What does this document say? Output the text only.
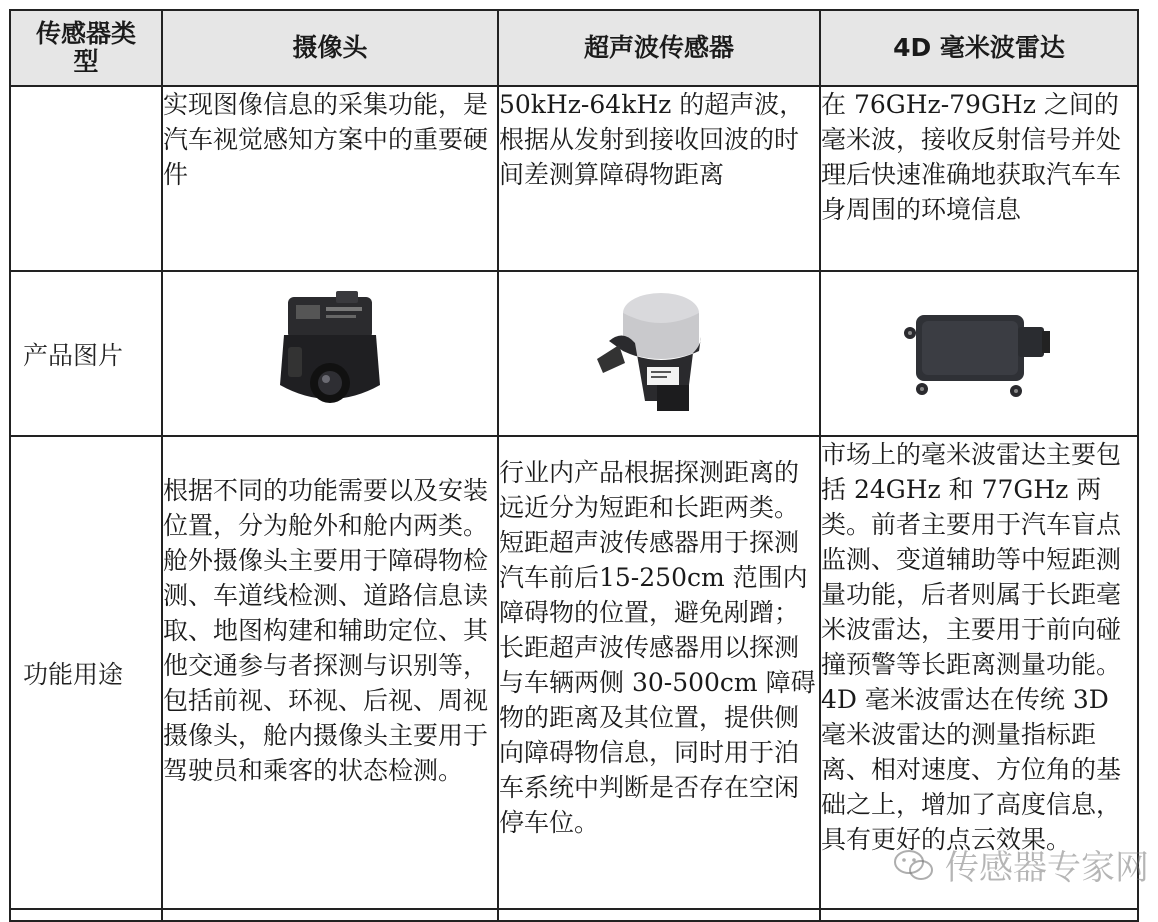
传感器类型	摄像头	超声波传感器	4D 毫米波雷达
	实现图像信息的采集功能，是汽车视觉感知方案中的重要硬件	50kHz-64kHz 的超声波，根据从发射到接收回波的时间差测算障碍物距离	在 76GHz-79GHz 之间的毫米波，接收反射信号并处理后快速准确地获取汽车车身周围的环境信息
产品图片	

功能用途	根据不同的功能需要以及安装位置，分为舱外和舱内两类。舱外摄像头主要用于障碍物检测、车道线检测、道路信息读取、地图构建和辅助定位、其他交通参与者探测与识别等，包括前视、环视、后视、周视摄像头，舱内摄像头主要用于驾驶员和乘客的状态检测。	行业内产品根据探测距离的远近分为短距和长距两类。短距超声波传感器用于探测汽车前后15-250cm 范围内障碍物的位置，避免剐蹭；长距超声波传感器用以探测与车辆两侧 30-500cm 障碍物的距离及其位置，提供侧向障碍物信息，同时用于泊车系统中判断是否存在空闲停车位。	市场上的毫米波雷达主要包括 24GHz 和 77GHz 两类。前者主要用于汽车盲点监测、变道辅助等中短距测量功能，后者则属于长距毫米波雷达，主要用于前向碰撞预警等长距离测量功能。4D 毫米波雷达在传统 3D 毫米波雷达的测量指标距离、相对速度、方位角的基础之上，增加了高度信息，具有更好的点云效果。

传感器专家网
